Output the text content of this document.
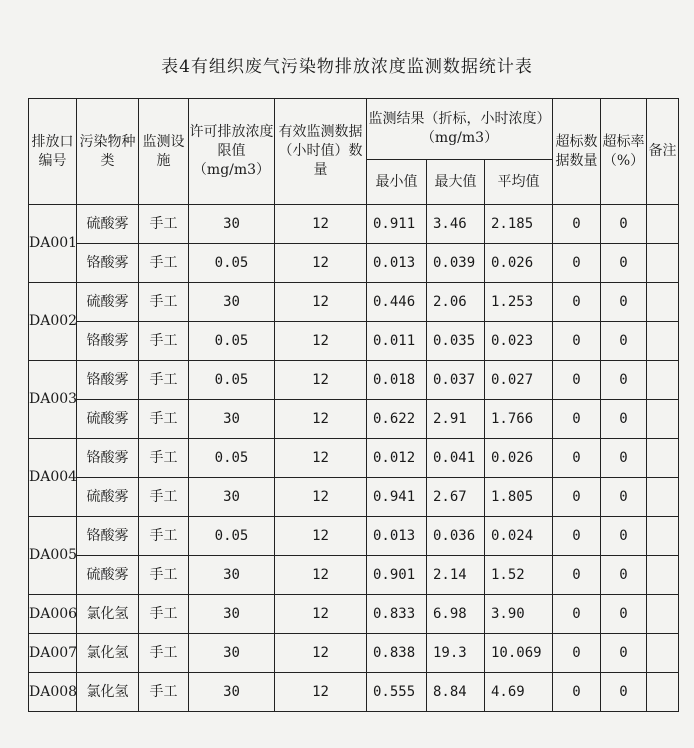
表4有组织废气污染物排放浓度监测数据统计表
排放口编号	污染物种类	监测设施	许可排放浓度限值（mg/m3）	有效监测数据（小时值）数量	监测结果（折标，小时浓度）（mg/m3）			超标数据数量	超标率（%）	备注
					最小值	最大值	平均值			
DA001	硫酸雾	手工	30	12	0.911	3.46	2.185	0	0	
	铬酸雾	手工	0.05	12	0.013	0.039	0.026	0	0	
DA002	硫酸雾	手工	30	12	0.446	2.06	1.253	0	0	
	铬酸雾	手工	0.05	12	0.011	0.035	0.023	0	0	
DA003	铬酸雾	手工	0.05	12	0.018	0.037	0.027	0	0	
	硫酸雾	手工	30	12	0.622	2.91	1.766	0	0	
DA004	铬酸雾	手工	0.05	12	0.012	0.041	0.026	0	0	
	硫酸雾	手工	30	12	0.941	2.67	1.805	0	0	
DA005	铬酸雾	手工	0.05	12	0.013	0.036	0.024	0	0	
	硫酸雾	手工	30	12	0.901	2.14	1.52	0	0	
DA006	氯化氢	手工	30	12	0.833	6.98	3.90	0	0	
DA007	氯化氢	手工	30	12	0.838	19.3	10.069	0	0	
DA008	氯化氢	手工	30	12	0.555	8.84	4.69	0	0	
